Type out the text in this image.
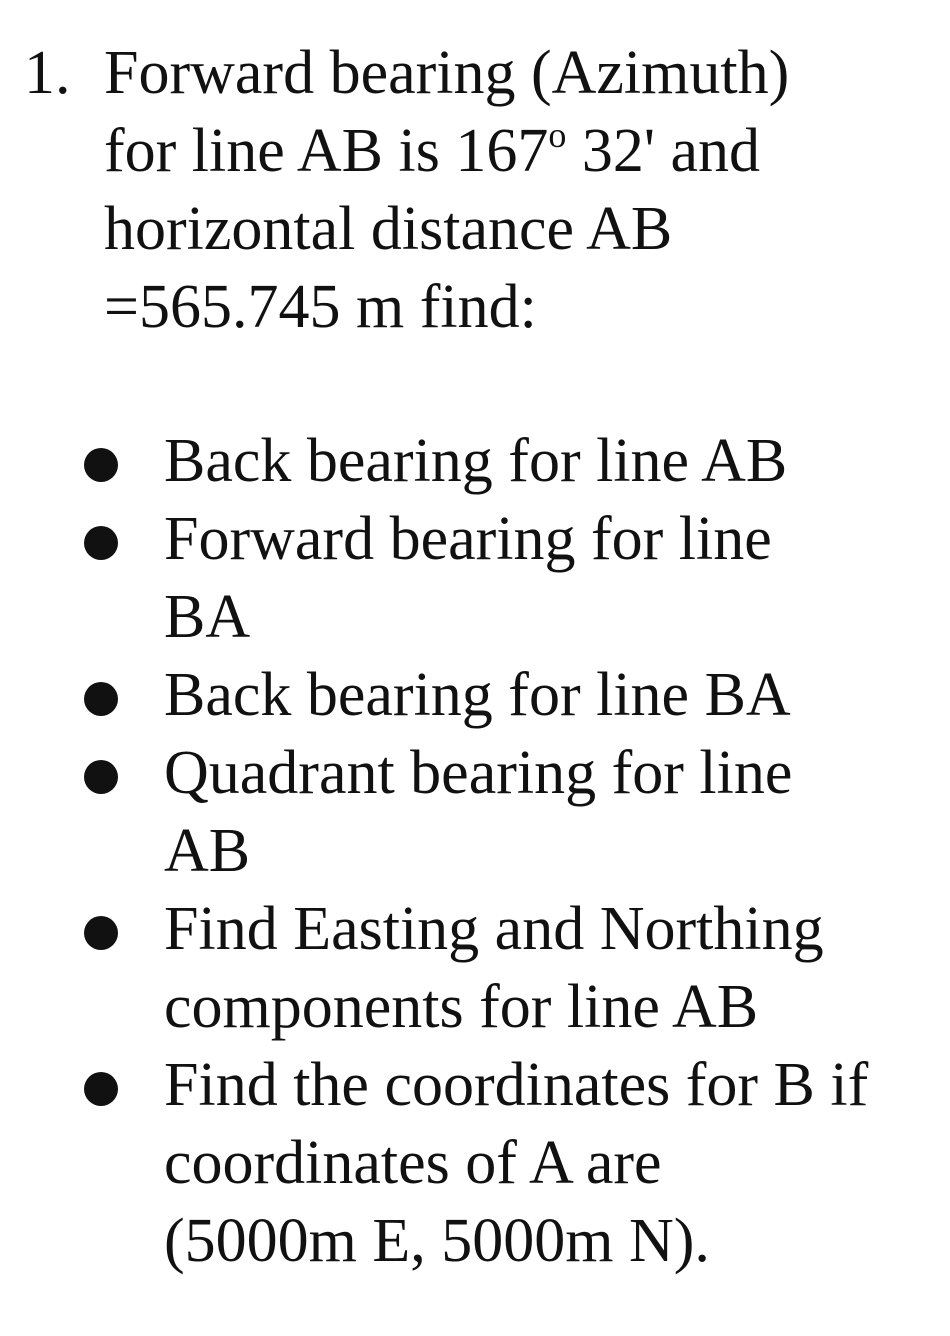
1. Forward bearing (Azimuth)
for line AB is 167$^o$ 32' and
horizontal distance AB
=565.745 m find:
Back bearing for line AB
Forward bearing for line
BA
Back bearing for line BA
Quadrant bearing for line
AB
Find Easting and Northing
components for line AB
Find the coordinates for B if
coordinates of A are
(5000m E, 5000m N).
